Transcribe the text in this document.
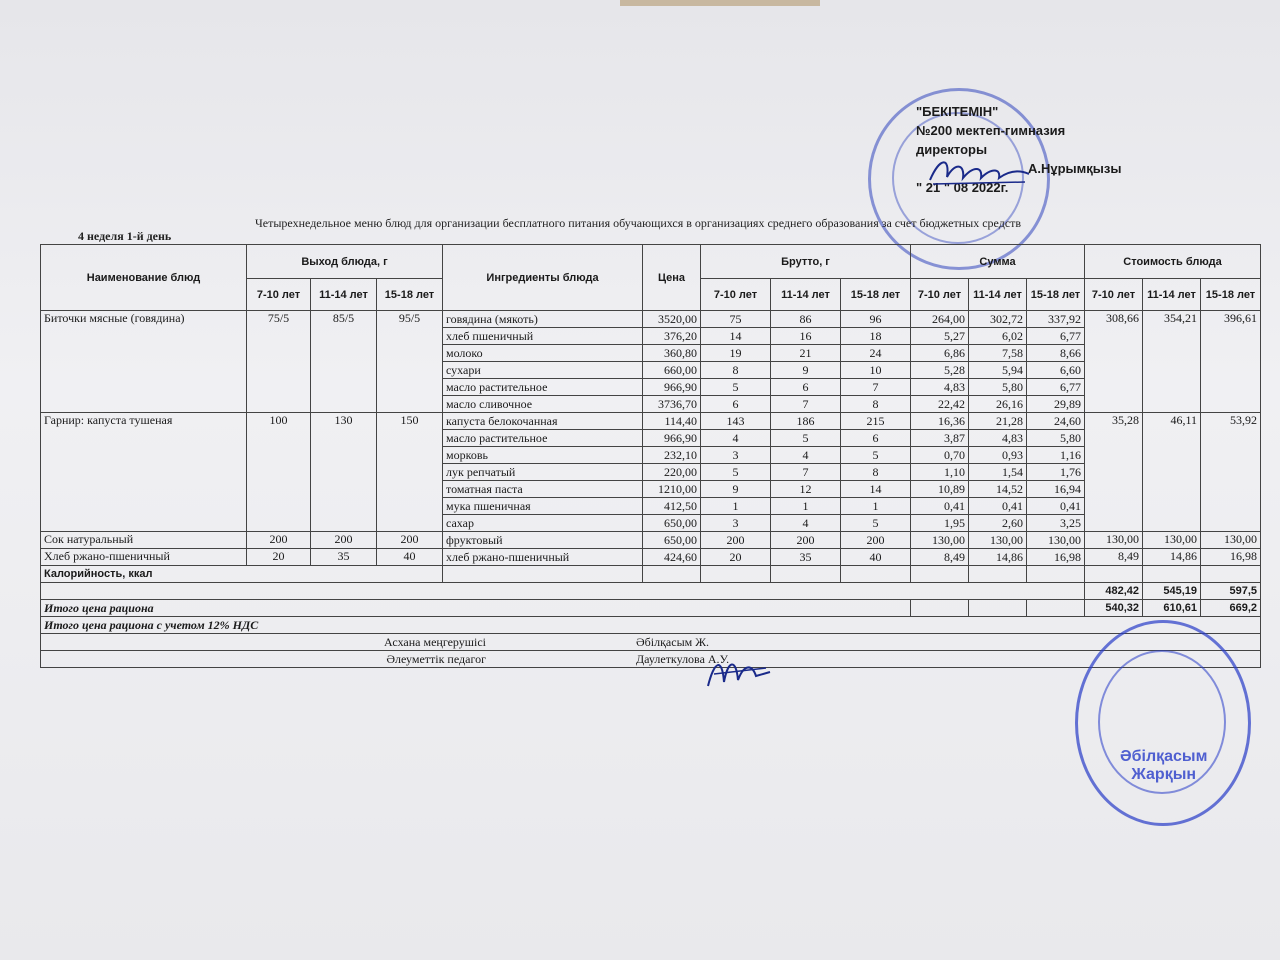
"БЕКІТЕМІН"
№200 мектеп-гимназия
директоры
А.Нұрымқызы
" 21 " 08 2022г.
Четырехнедельное меню блюд для организации бесплатного питания обучающихся в организациях среднего образования за счет бюджетных средств
4 неделя 1-й день
Наименование блюд	Выход блюда, г			Ингредиенты блюда	Цена	Брутто, г			Сумма			Стоимость блюда		
	7-10 лет	11-14 лет	15-18 лет			7-10 лет	11-14 лет	15-18 лет	7-10 лет	11-14 лет	15-18 лет	7-10 лет	11-14 лет	15-18 лет
Биточки мясные (говядина)	75/5	85/5	95/5	говядина (мякоть)	3520,00	75	86	96	264,00	302,72	337,92	308,66	354,21	396,61
				хлеб пшеничный	376,20	14	16	18	5,27	6,02	6,77			
				молоко	360,80	19	21	24	6,86	7,58	8,66			
				сухари	660,00	8	9	10	5,28	5,94	6,60			
				масло растительное	966,90	5	6	7	4,83	5,80	6,77			
				масло сливочное	3736,70	6	7	8	22,42	26,16	29,89			
Гарнир: капуста тушеная	100	130	150	капуста белокочанная	114,40	143	186	215	16,36	21,28	24,60	35,28	46,11	53,92
				масло растительное	966,90	4	5	6	3,87	4,83	5,80			
				морковь	232,10	3	4	5	0,70	0,93	1,16			
				лук репчатый	220,00	5	7	8	1,10	1,54	1,76			
				томатная паста	1210,00	9	12	14	10,89	14,52	16,94			
				мука пшеничная	412,50	1	1	1	0,41	0,41	0,41			
				сахар	650,00	3	4	5	1,95	2,60	3,25			
Сок натуральный	200	200	200	фруктовый	650,00	200	200	200	130,00	130,00	130,00	130,00	130,00	130,00
Хлеб ржано-пшеничный	20	35	40	хлеб ржано-пшеничный	424,60	20	35	40	8,49	14,86	16,98	8,49	14,86	16,98
Калорийность, ккал														
												482,42	545,19	597,5
Итого цена рациона												540,32	610,61	669,2
Итого цена рациона с учетом 12% НДС														
Асхана меңгерушісі Әбілқасым Ж.														
Әлеуметтік педагог Даулеткулова А.У.														

Әбілқасым
Жарқын
